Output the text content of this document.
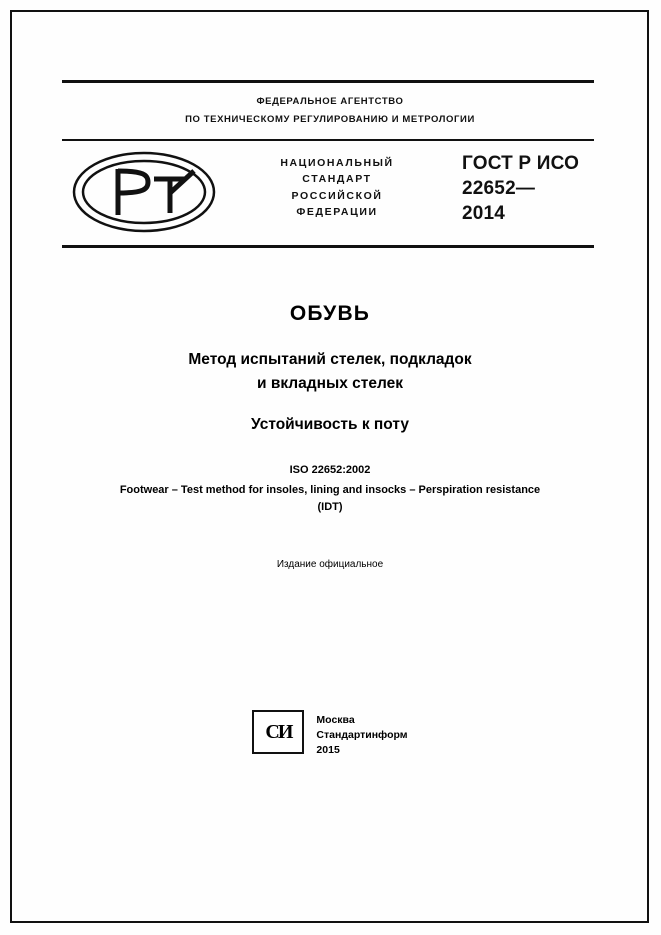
ФЕДЕРАЛЬНОЕ АГЕНТСТВО
ПО ТЕХНИЧЕСКОМУ РЕГУЛИРОВАНИЮ И МЕТРОЛОГИИ
НАЦИОНАЛЬНЫЙ
СТАНДАРТ
РОССИЙСКОЙ
ФЕДЕРАЦИИ
ГОСТ Р ИСО
22652—
2014
ОБУВЬ
Метод испытаний стелек, подкладок
и вкладных стелек
Устойчивость к поту
ISO 22652:2002
Footwear – Test method for insoles, lining and insocks – Perspiration resistance
(IDT)
Издание официальное
СИ
Москва
Стандартинформ
2015
